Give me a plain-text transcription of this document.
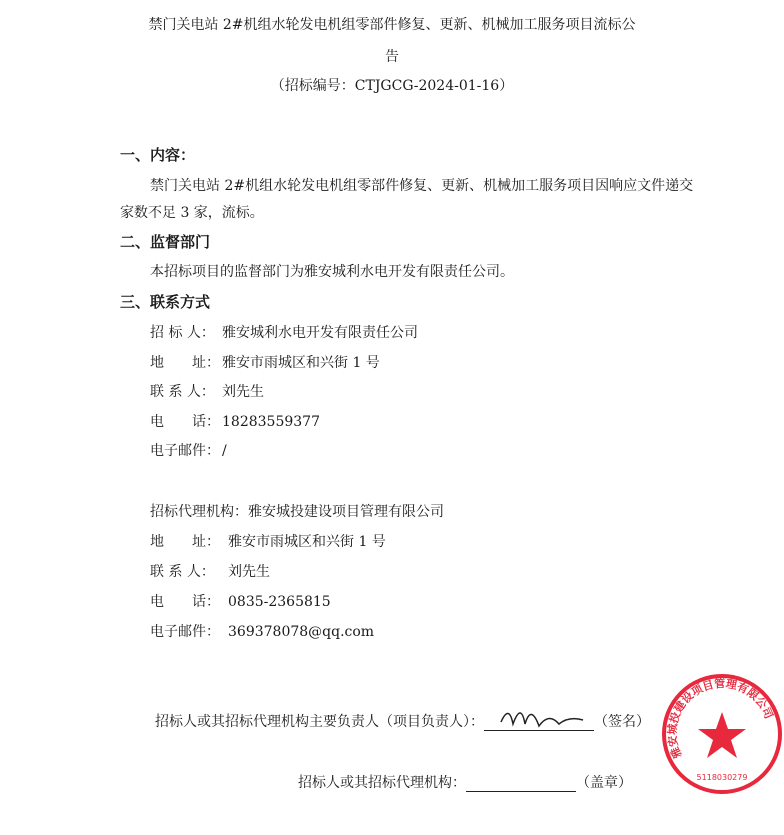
禁门关电站 2#机组水轮发电机组零部件修复、更新、机械加工服务项目流标公
告
（招标编号：CTJGCG-2024-01-16）
一、内容：
禁门关电站 2#机组水轮发电机组零部件修复、更新、机械加工服务项目因响应文件递交
家数不足 3 家，流标。
二、监督部门
本招标项目的监督部门为雅安城利水电开发有限责任公司。
三、联系方式
招 标 人： 雅安城利水电开发有限责任公司
地　　址： 雅安市雨城区和兴街 1 号
联 系 人： 刘先生
电　　话： 18283559377
电子邮件： /
招标代理机构：雅安城投建设项目管理有限公司
地　　址： 雅安市雨城区和兴街 1 号
联 系 人： 刘先生
电　　话： 0835-2365815
电子邮件： 369378078@qq.com
招标人或其招标代理机构主要负责人（项目负责人）：	（签名）
招标人或其招标代理机构：	（盖章）
雅安城投建设项目管理有限公司
5118030279
